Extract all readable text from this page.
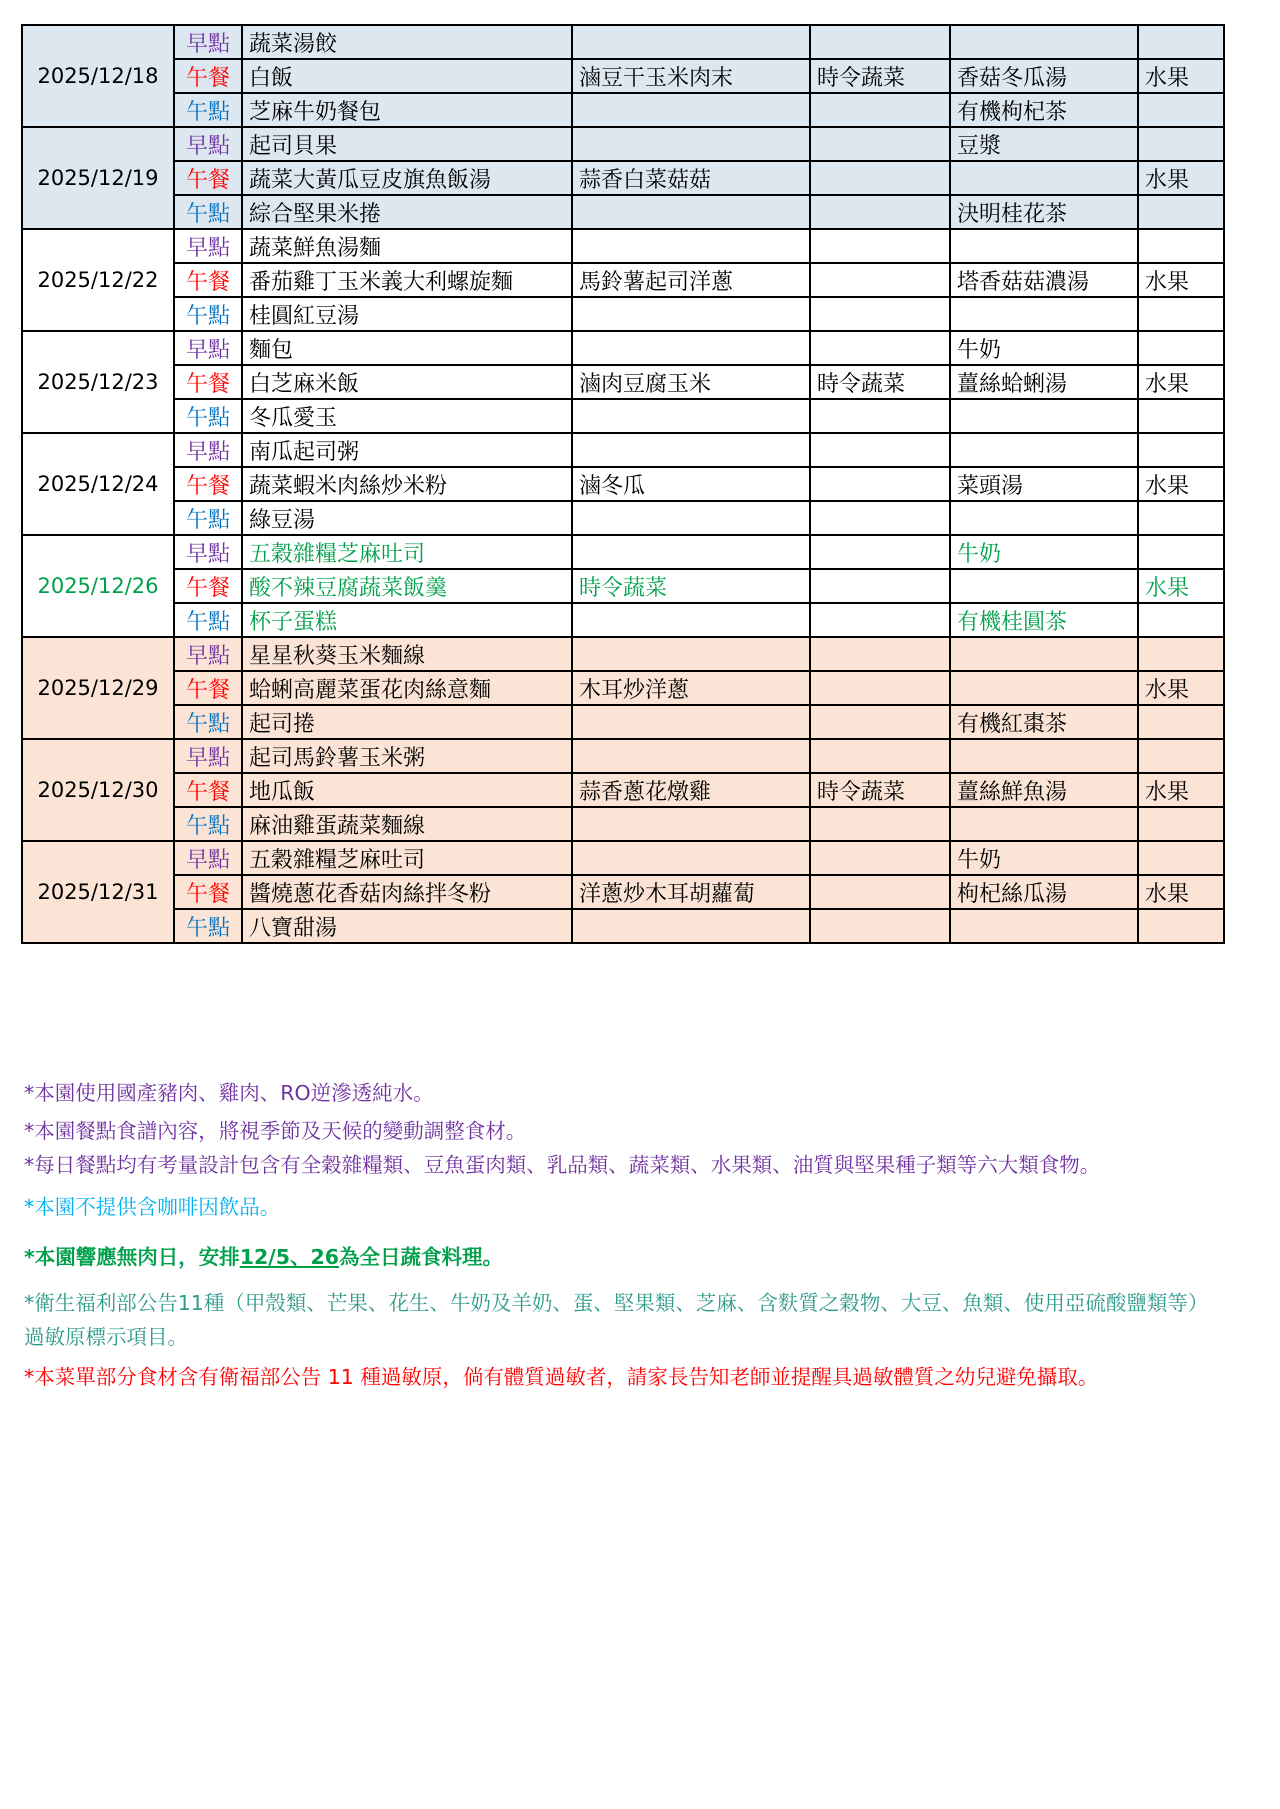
2025/12/18	早點	蔬菜湯餃				
	午餐	白飯	滷豆干玉米肉末	時令蔬菜	香菇冬瓜湯	水果
	午點	芝麻牛奶餐包			有機枸杞茶	
2025/12/19	早點	起司貝果			豆漿	
	午餐	蔬菜大黃瓜豆皮旗魚飯湯	蒜香白菜菇菇			水果
	午點	綜合堅果米捲			決明桂花茶	
2025/12/22	早點	蔬菜鮮魚湯麵				
	午餐	番茄雞丁玉米義大利螺旋麵	馬鈴薯起司洋蔥		塔香菇菇濃湯	水果
	午點	桂圓紅豆湯				
2025/12/23	早點	麵包			牛奶	
	午餐	白芝麻米飯	滷肉豆腐玉米	時令蔬菜	薑絲蛤蜊湯	水果
	午點	冬瓜愛玉				
2025/12/24	早點	南瓜起司粥				
	午餐	蔬菜蝦米肉絲炒米粉	滷冬瓜		菜頭湯	水果
	午點	綠豆湯				
2025/12/26	早點	五穀雜糧芝麻吐司			牛奶	
	午餐	酸不辣豆腐蔬菜飯羹	時令蔬菜			水果
	午點	杯子蛋糕			有機桂圓茶	
2025/12/29	早點	星星秋葵玉米麵線				
	午餐	蛤蜊高麗菜蛋花肉絲意麵	木耳炒洋蔥			水果
	午點	起司捲			有機紅棗茶	
2025/12/30	早點	起司馬鈴薯玉米粥				
	午餐	地瓜飯	蒜香蔥花燉雞	時令蔬菜	薑絲鮮魚湯	水果
	午點	麻油雞蛋蔬菜麵線				
2025/12/31	早點	五穀雜糧芝麻吐司			牛奶	
	午餐	醬燒蔥花香菇肉絲拌冬粉	洋蔥炒木耳胡蘿蔔		枸杞絲瓜湯	水果
	午點	八寶甜湯				

*本園使用國產豬肉、雞肉、RO逆滲透純水。

*本園餐點食譜內容，將視季節及天候的變動調整食材。

*每日餐點均有考量設計包含有全穀雜糧類、豆魚蛋肉類、乳品類、蔬菜類、水果類、油質與堅果種子類等六大類食物。

*本園不提供含咖啡因飲品。

*本園響應無肉日，安排12/5、26為全日蔬食料理。

*衛生福利部公告11種（甲殼類、芒果、花生、牛奶及羊奶、蛋、堅果類、芝麻、含麩質之穀物、大豆、魚類、使用亞硫酸鹽類等）過敏原標示項目。

*本菜單部分食材含有衛福部公告 11 種過敏原，倘有體質過敏者，請家長告知老師並提醒具過敏體質之幼兒避免攝取。
